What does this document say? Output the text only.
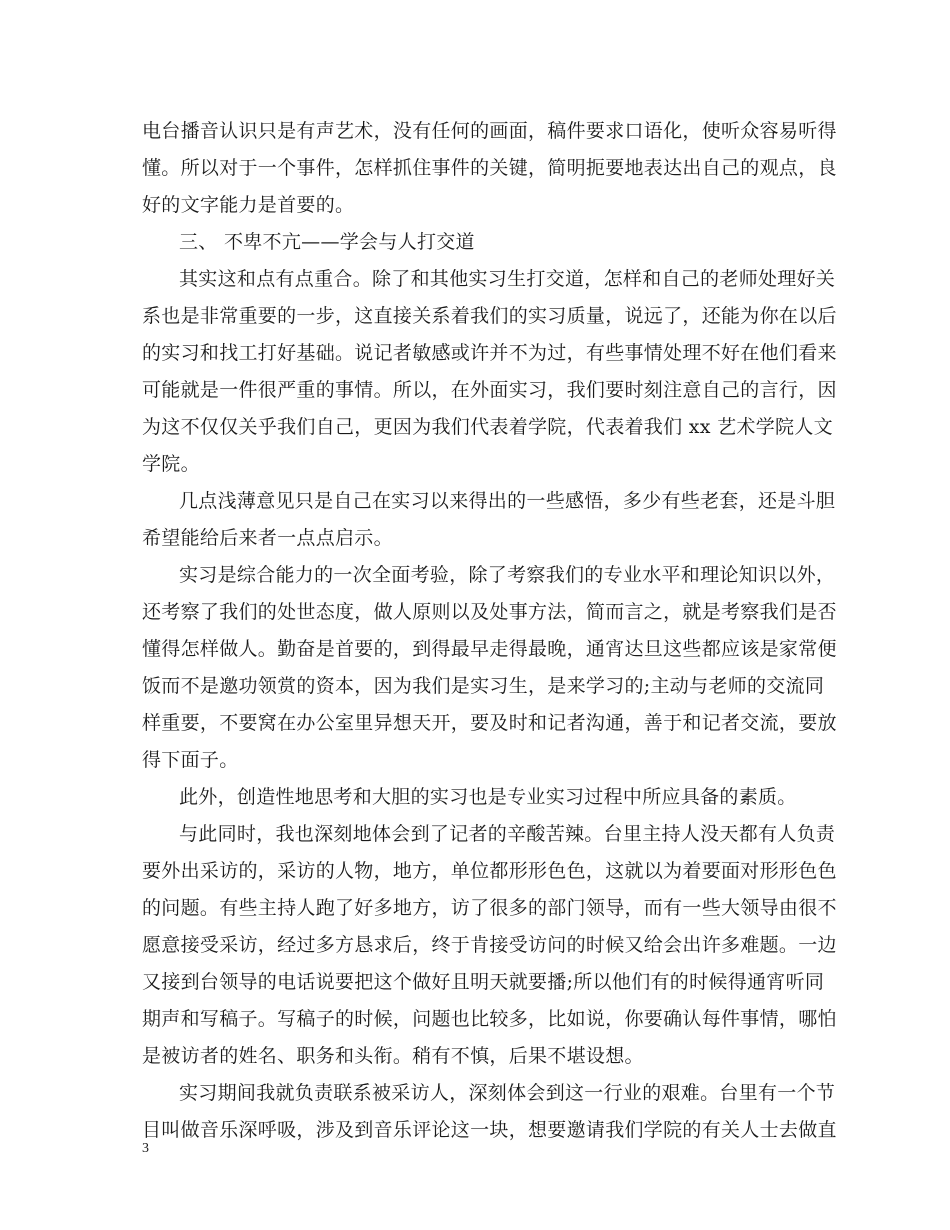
电台播音认识只是有声艺术，没有任何的画面，稿件要求口语化，使听众容易听得
懂。所以对于一个事件，怎样抓住事件的关键，简明扼要地表达出自己的观点，良
好的文字能力是首要的。
三、 不卑不亢——学会与人打交道
其实这和点有点重合。除了和其他实习生打交道，怎样和自己的老师处理好关
系也是非常重要的一步，这直接关系着我们的实习质量，说远了，还能为你在以后
的实习和找工打好基础。说记者敏感或许并不为过，有些事情处理不好在他们看来
可能就是一件很严重的事情。所以，在外面实习，我们要时刻注意自己的言行，因
为这不仅仅关乎我们自己，更因为我们代表着学院，代表着我们 xx 艺术学院人文
学院。
几点浅薄意见只是自己在实习以来得出的一些感悟，多少有些老套，还是斗胆
希望能给后来者一点点启示。
实习是综合能力的一次全面考验，除了考察我们的专业水平和理论知识以外，
还考察了我们的处世态度，做人原则以及处事方法，简而言之，就是考察我们是否
懂得怎样做人。勤奋是首要的，到得最早走得最晚，通宵达旦这些都应该是家常便
饭而不是邀功领赏的资本，因为我们是实习生，是来学习的;主动与老师的交流同
样重要，不要窝在办公室里异想天开，要及时和记者沟通，善于和记者交流，要放
得下面子。
此外，创造性地思考和大胆的实习也是专业实习过程中所应具备的素质。
与此同时，我也深刻地体会到了记者的辛酸苦辣。台里主持人没天都有人负责
要外出采访的，采访的人物，地方，单位都形形色色，这就以为着要面对形形色色
的问题。有些主持人跑了好多地方，访了很多的部门领导，而有一些大领导由很不
愿意接受采访，经过多方恳求后，终于肯接受访问的时候又给会出许多难题。一边
又接到台领导的电话说要把这个做好且明天就要播;所以他们有的时候得通宵听同
期声和写稿子。写稿子的时候，问题也比较多，比如说，你要确认每件事情，哪怕
是被访者的姓名、职务和头衔。稍有不慎，后果不堪设想。
实习期间我就负责联系被采访人，深刻体会到这一行业的艰难。台里有一个节
目叫做音乐深呼吸，涉及到音乐评论这一块，想要邀请我们学院的有关人士去做直
3
